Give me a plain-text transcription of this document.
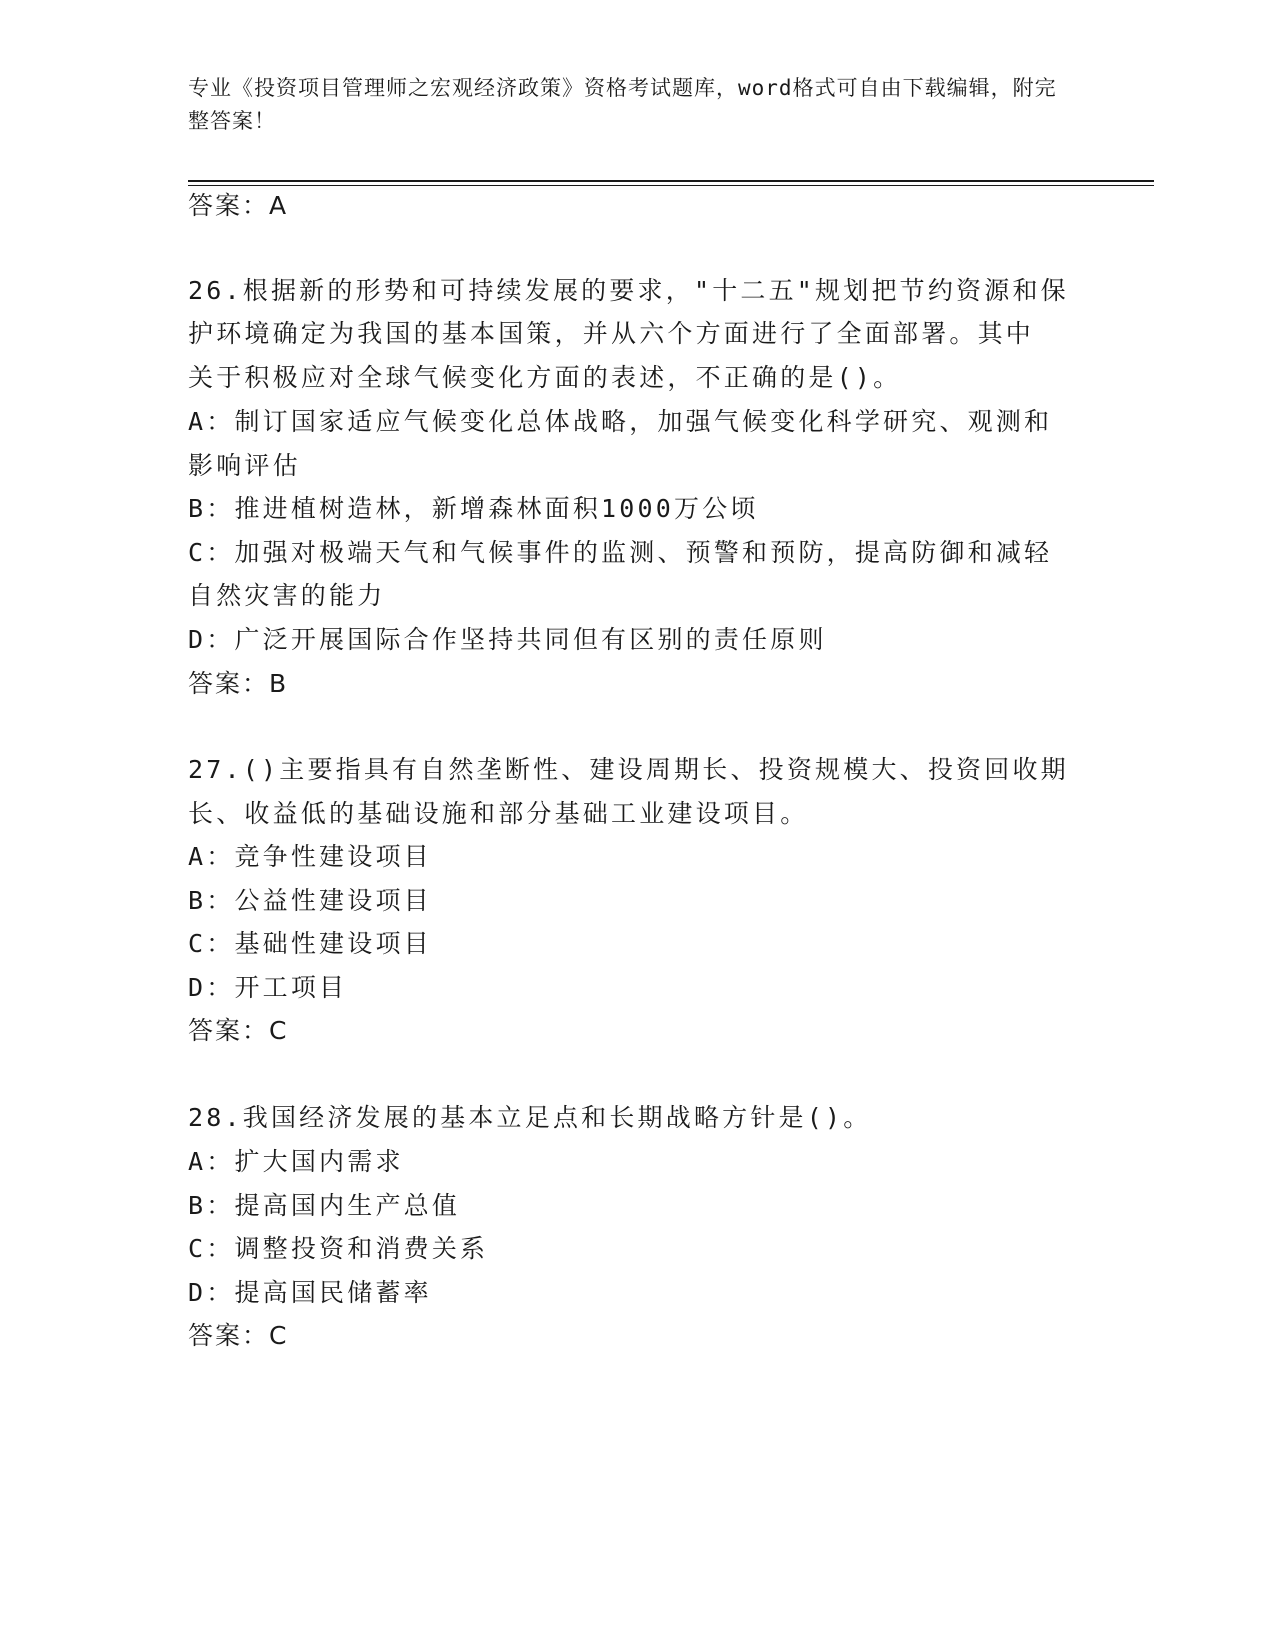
专业《投资项目管理师之宏观经济政策》资格考试题库，word格式可自由下载编辑，附完整答案！
答案：A
26.根据新的形势和可持续发展的要求，"十二五"规划把节约资源和保
护环境确定为我国的基本国策，并从六个方面进行了全面部署。其中
关于积极应对全球气候变化方面的表述，不正确的是()。
A：制订国家适应气候变化总体战略，加强气候变化科学研究、观测和
影响评估
B：推进植树造林，新增森林面积1000万公顷
C：加强对极端天气和气候事件的监测、预警和预防，提高防御和减轻
自然灾害的能力
D：广泛开展国际合作坚持共同但有区别的责任原则
答案：B
27.()主要指具有自然垄断性、建设周期长、投资规模大、投资回收期
长、收益低的基础设施和部分基础工业建设项目。
A：竞争性建设项目
B：公益性建设项目
C：基础性建设项目
D：开工项目
答案：C
28.我国经济发展的基本立足点和长期战略方针是()。
A：扩大国内需求
B：提高国内生产总值
C：调整投资和消费关系
D：提高国民储蓄率
答案：C
